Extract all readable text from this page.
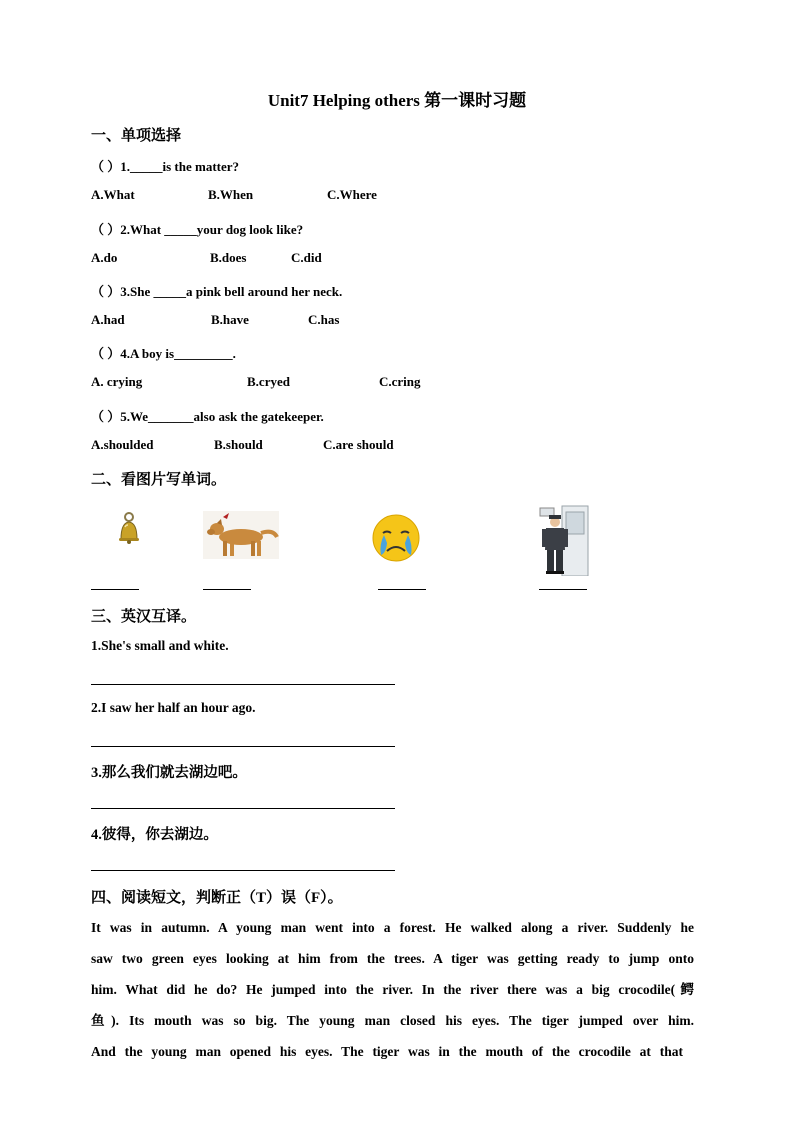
Unit7 Helping others 第一课时习题
一、单项选择
（ ）1._____is the matter?
A.What	B.When	C.Where
（ ）2.What _____your dog look like?
A.do	B.does	C.did
（ ）3.She _____a pink bell around her neck.
A.had	B.have	C.has
（ ）4.A boy is_________.
A. crying	B.cryed	C.cring
（ ）5.We_______also ask the gatekeeper.
A.shoulded	B.should	C.are should
二、看图片写单词。
三、英汉互译。
1.She's small and white.
2.I saw her half an hour ago.
3.那么我们就去湖边吧。
4.彼得，你去湖边。
四、阅读短文，判断正（T）误（F）。
It was in autumn. A young man went into a forest. He walked along a river. Suddenly he
saw two green eyes looking at him from the trees. A tiger was getting ready to jump onto
him. What did he do? He jumped into the river. In the river there was a big crocodile(鳄
鱼). Its mouth was so big. The young man closed his eyes. The tiger jumped over him.
And the young man opened his eyes. The tiger was in the mouth of the crocodile at that
